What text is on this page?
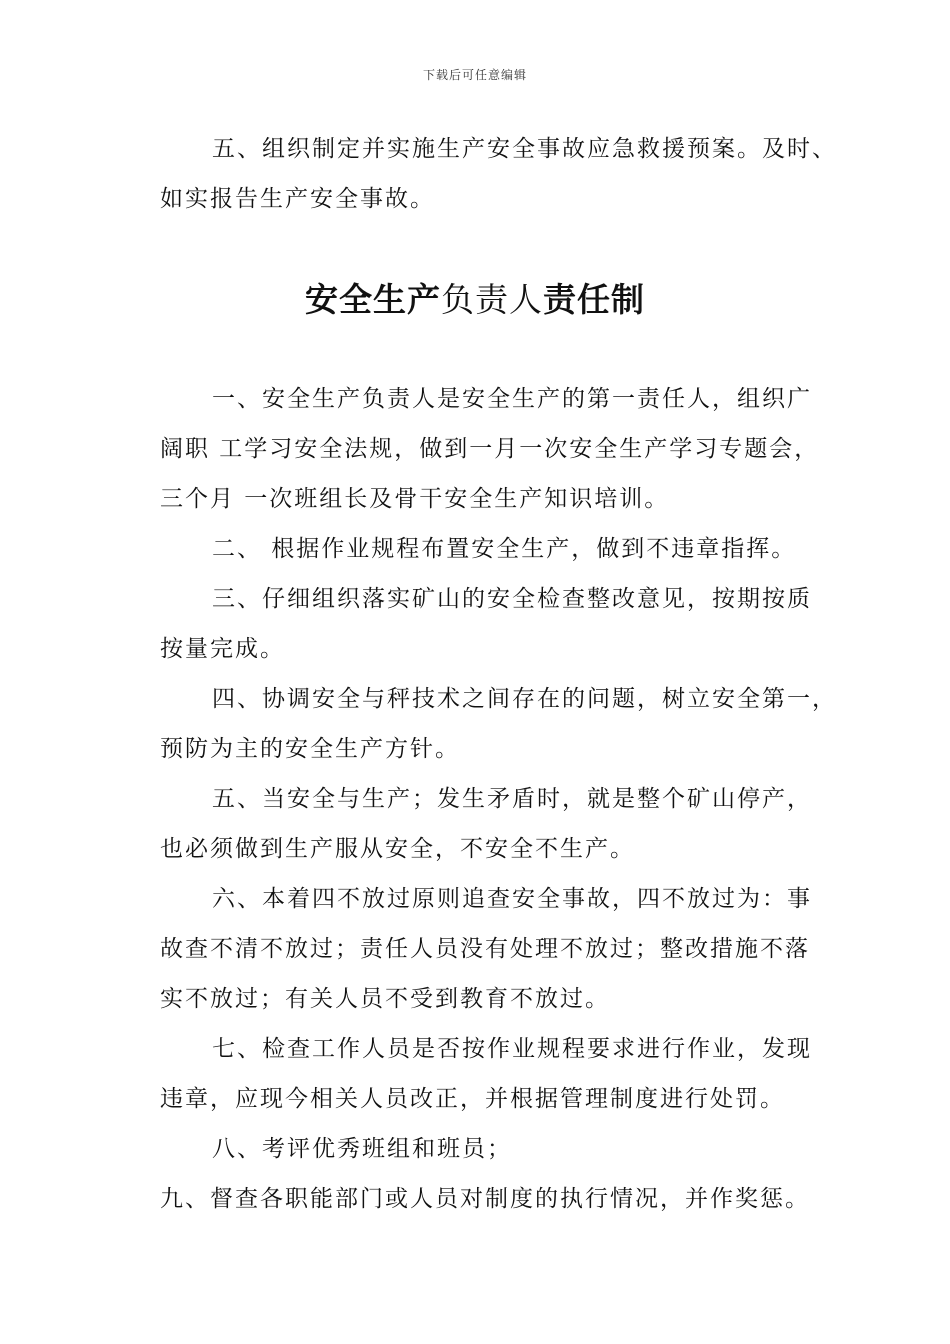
下载后可任意编辑
五、组织制定并实施生产安全事故应急救援预案。及时、
如实报告生产安全事故。
安全生产负责人责任制
一、安全生产负责人是安全生产的第一责任人，组织广
阔职 工学习安全法规，做到一月一次安全生产学习专题会，
三个月 一次班组长及骨干安全生产知识培训。
二、 根据作业规程布置安全生产，做到不违章指挥。
三、仔细组织落实矿山的安全检查整改意见，按期按质
按量完成。
四、协调安全与秤技术之间存在的问题，树立安全第一，
预防为主的安全生产方针。
五、当安全与生产；发生矛盾时，就是整个矿山停产，
也必须做到生产服从安全，不安全不生产。
六、本着四不放过原则追查安全事故，四不放过为：事
故查不清不放过；责任人员没有处理不放过；整改措施不落
实不放过；有关人员不受到教育不放过。
七、检查工作人员是否按作业规程要求进行作业，发现
违章，应现今相关人员改正，并根据管理制度进行处罚。
八、考评优秀班组和班员；
九、督查各职能部门或人员对制度的执行情况，并作奖惩。
